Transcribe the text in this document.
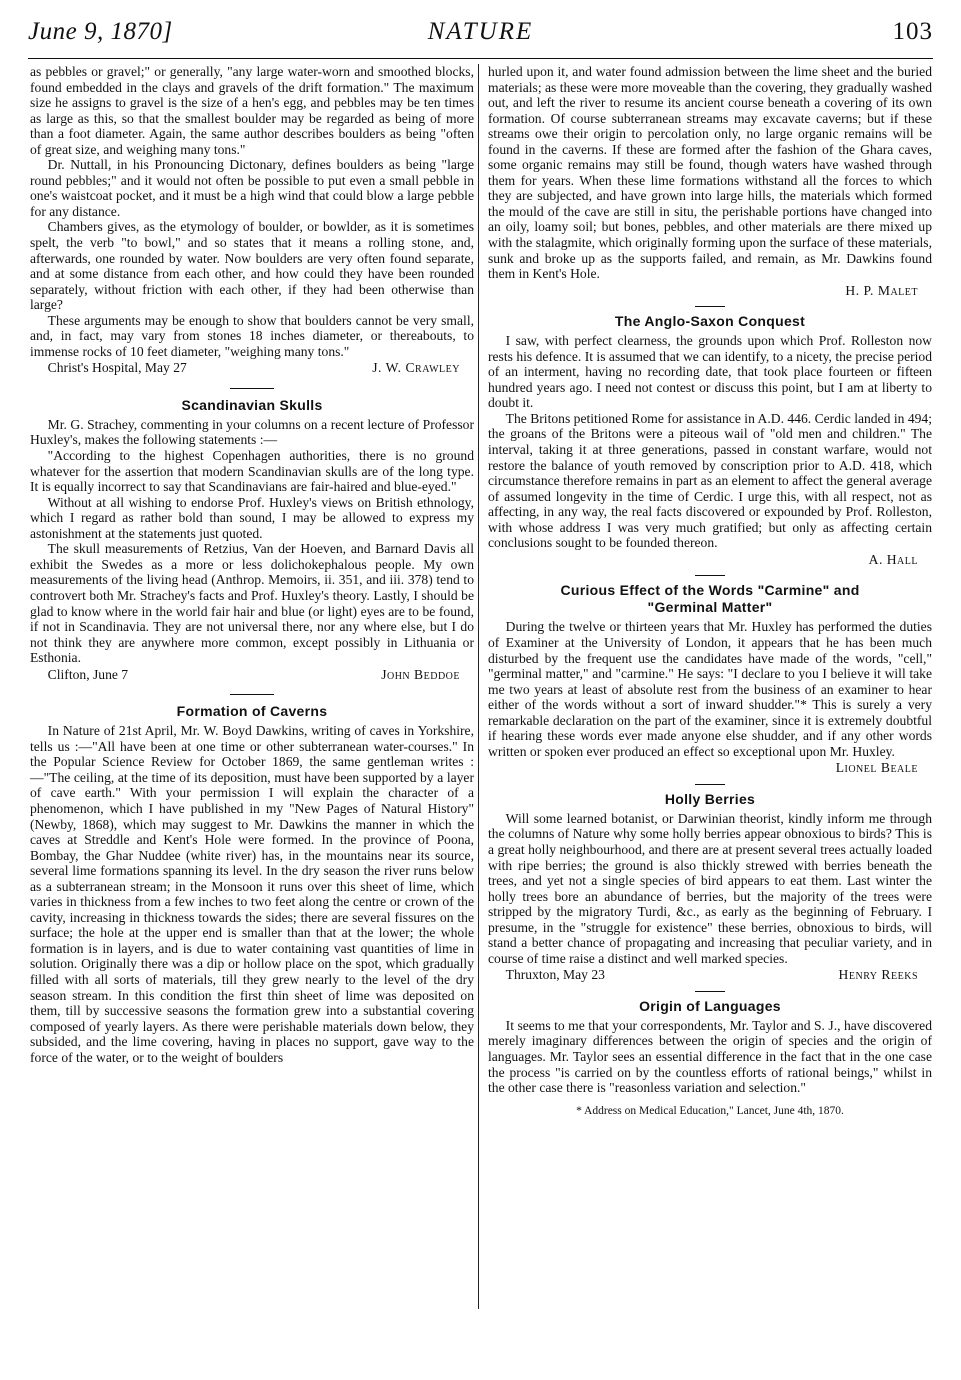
June 9, 1870]	NATURE	103

as pebbles or gravel;" or generally, "any large water-worn and smoothed blocks, found embedded in the clays and gravels of the drift formation." The maximum size he assigns to gravel is the size of a hen's egg, and pebbles may be ten times as large as this, so that the smallest boulder may be regarded as being of more than a foot diameter. Again, the same author describes boulders as being "often of great size, and weighing many tons."

Dr. Nuttall, in his Pronouncing Dictonary, defines boulders as being "large round pebbles;" and it would not often be possible to put even a small pebble in one's waistcoat pocket, and it must be a high wind that could blow a large pebble for any distance.

Chambers gives, as the etymology of boulder, or bowlder, as it is sometimes spelt, the verb "to bowl," and so states that it means a rolling stone, and, afterwards, one rounded by water. Now boulders are very often found separate, and at some distance from each other, and how could they have been rounded separately, without friction with each other, if they had been otherwise than large?

These arguments may be enough to show that boulders cannot be very small, and, in fact, may vary from stones 18 inches diameter, or thereabouts, to immense rocks of 10 feet diameter, "weighing many tons."

Christ's Hospital, May 27	J. W. Crawley
Scandinavian Skulls

Mr. G. Strachey, commenting in your columns on a recent lecture of Professor Huxley's, makes the following statements :—

"According to the highest Copenhagen authorities, there is no ground whatever for the assertion that modern Scandinavian skulls are of the long type. It is equally incorrect to say that Scandinavians are fair-haired and blue-eyed."

Without at all wishing to endorse Prof. Huxley's views on British ethnology, which I regard as rather bold than sound, I may be allowed to express my astonishment at the statements just quoted.

The skull measurements of Retzius, Van der Hoeven, and Barnard Davis all exhibit the Swedes as a more or less dolichokephalous people. My own measurements of the living head (Anthrop. Memoirs, ii. 351, and iii. 378) tend to controvert both Mr. Strachey's facts and Prof. Huxley's theory. Lastly, I should be glad to know where in the world fair hair and blue (or light) eyes are to be found, if not in Scandinavia. They are not universal there, nor any where else, but I do not think they are anywhere more common, except possibly in Lithuania or Esthonia.

Clifton, June 7	John Beddoe
Formation of Caverns

In Nature of 21st April, Mr. W. Boyd Dawkins, writing of caves in Yorkshire, tells us :—"All have been at one time or other subterranean water-courses." In the Popular Science Review for October 1869, the same gentleman writes :—"The ceiling, at the time of its deposition, must have been supported by a layer of cave earth." With your permission I will explain the character of a phenomenon, which I have published in my "New Pages of Natural History" (Newby, 1868), which may suggest to Mr. Dawkins the manner in which the caves at Streddle and Kent's Hole were formed. In the province of Poona, Bombay, the Ghar Nuddee (white river) has, in the mountains near its source, several lime formations spanning its level. In the dry season the river runs below as a subterranean stream; in the Monsoon it runs over this sheet of lime, which varies in thickness from a few inches to two feet along the centre or crown of the cavity, increasing in thickness towards the sides; there are several fissures on the surface; the hole at the upper end is smaller than that at the lower; the whole formation is in layers, and is due to water containing vast quantities of lime in solution. Originally there was a dip or hollow place on the spot, which gradually filled with all sorts of materials, till they grew nearly to the level of the dry season stream. In this condition the first thin sheet of lime was deposited on them, till by successive seasons the formation grew into a substantial covering composed of yearly layers. As there were perishable materials down below, they subsided, and the lime covering, having in places no support, gave way to the force of the water, or to the weight of boulders

hurled upon it, and water found admission between the lime sheet and the buried materials; as these were more moveable than the covering, they gradually washed out, and left the river to resume its ancient course beneath a covering of its own formation. Of course subterranean streams may excavate caverns; but if these streams owe their origin to percolation only, no large organic remains will be found in the caverns. If these are formed after the fashion of the Ghara caves, some organic remains may still be found, though waters have washed through them for years. When these lime formations withstand all the forces to which they are subjected, and have grown into large hills, the materials which formed the mould of the cave are still in situ, the perishable portions have changed into an oily, loamy soil; but bones, pebbles, and other materials are there mixed up with the stalagmite, which originally forming upon the surface of these materials, sunk and broke up as the supports failed, and remain, as Mr. Dawkins found them in Kent's Hole.

H. P. Malet
The Anglo-Saxon Conquest

I saw, with perfect clearness, the grounds upon which Prof. Rolleston now rests his defence. It is assumed that we can identify, to a nicety, the precise period of an interment, having no recording date, that took place fourteen or fifteen hundred years ago. I need not contest or discuss this point, but I am at liberty to doubt it.

The Britons petitioned Rome for assistance in A.D. 446. Cerdic landed in 494; the groans of the Britons were a piteous wail of "old men and children." The interval, taking it at three generations, passed in constant warfare, would not restore the balance of youth removed by conscription prior to A.D. 418, which circumstance therefore remains in part as an element to affect the general average of assumed longevity in the time of Cerdic. I urge this, with all respect, not as affecting, in any way, the real facts discovered or expounded by Prof. Rolleston, with whose address I was very much gratified; but only as affecting certain conclusions sought to be founded thereon.

A. Hall
Curious Effect of the Words "Carmine" and
"Germinal Matter"

During the twelve or thirteen years that Mr. Huxley has performed the duties of Examiner at the University of London, it appears that he has been much disturbed by the frequent use the candidates have made of the words, "cell," "germinal matter," and "carmine." He says: "I declare to you I believe it will take me two years at least of absolute rest from the business of an examiner to hear either of the words without a sort of inward shudder."* This is surely a very remarkable declaration on the part of the examiner, since it is extremely doubtful if hearing these words ever made anyone else shudder, and if any other words written or spoken ever produced an effect so exceptional upon Mr. Huxley.

Lionel Beale
Holly Berries

Will some learned botanist, or Darwinian theorist, kindly inform me through the columns of Nature why some holly berries appear obnoxious to birds? This is a great holly neighbourhood, and there are at present several trees actually loaded with ripe berries; the ground is also thickly strewed with berries beneath the trees, and yet not a single species of bird appears to eat them. Last winter the holly trees bore an abundance of berries, but the majority of the trees were stripped by the migratory Turdi, &c., as early as the beginning of February. I presume, in the "struggle for existence" these berries, obnoxious to birds, will stand a better chance of propagating and increasing that peculiar variety, and in course of time raise a distinct and well marked species.

Thruxton, May 23	Henry Reeks
Origin of Languages

It seems to me that your correspondents, Mr. Taylor and S. J., have discovered merely imaginary differences between the origin of species and the origin of languages. Mr. Taylor sees an essential difference in the fact that in the one case the process "is carried on by the countless efforts of rational beings," whilst in the other case there is "reasonless variation and selection."

* Address on Medical Education," Lancet, June 4th, 1870.
